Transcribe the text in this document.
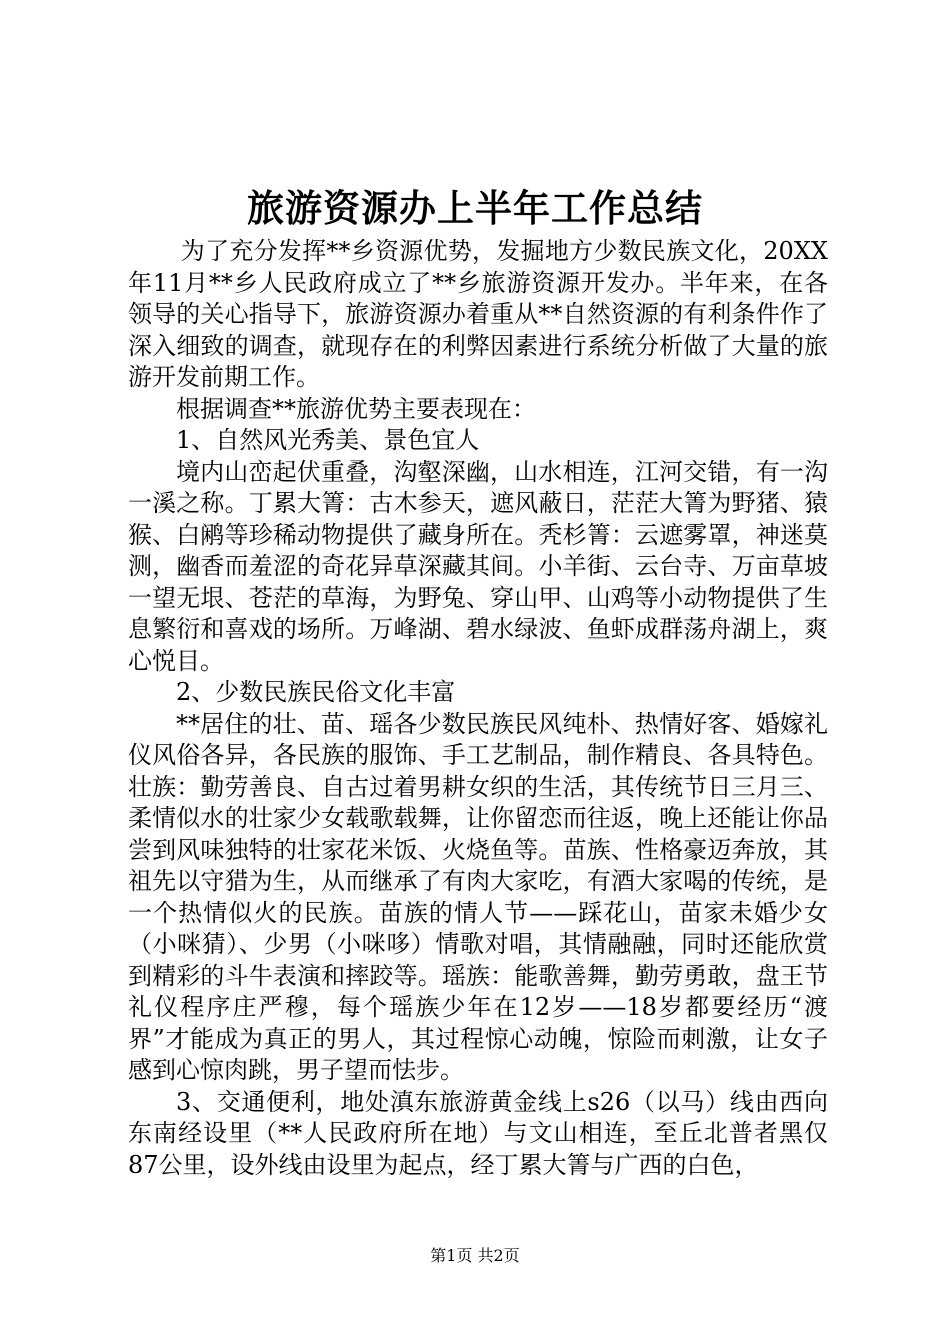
旅游资源办上半年工作总结

为了充分发挥**乡资源优势，发掘地方少数民族文化，20XX年11月**乡人民政府成立了**乡旅游资源开发办。半年来，在各领导的关心指导下，旅游资源办着重从**自然资源的有利条件作了深入细致的调查，就现存在的利弊因素进行系统分析做了大量的旅游开发前期工作。

根据调查**旅游优势主要表现在：

1、自然风光秀美、景色宜人

境内山峦起伏重叠，沟壑深幽，山水相连，江河交错，有一沟一溪之称。丁累大箐：古木参天，遮风蔽日，茫茫大箐为野猪、猿猴、白鹇等珍稀动物提供了藏身所在。秃杉箐：云遮雾罩，神迷莫测，幽香而羞涩的奇花异草深藏其间。小羊街、云台寺、万亩草坡一望无垠、苍茫的草海，为野兔、穿山甲、山鸡等小动物提供了生息繁衍和喜戏的场所。万峰湖、碧水绿波、鱼虾成群荡舟湖上，爽心悦目。

2、少数民族民俗文化丰富

**居住的壮、苗、瑶各少数民族民风纯朴、热情好客、婚嫁礼仪风俗各异，各民族的服饰、手工艺制品，制作精良、各具特色。壮族：勤劳善良、自古过着男耕女织的生活，其传统节日三月三、柔情似水的壮家少女载歌载舞，让你留恋而往返，晚上还能让你品尝到风味独特的壮家花米饭、火烧鱼等。苗族、性格豪迈奔放，其祖先以守猎为生，从而继承了有肉大家吃，有酒大家喝的传统，是一个热情似火的民族。苗族的情人节——踩花山，苗家未婚少女（小咪猜）、少男（小咪哆）情歌对唱，其情融融，同时还能欣赏到精彩的斗牛表演和摔跤等。瑶族：能歌善舞，勤劳勇敢，盘王节礼仪程序庄严穆，每个瑶族少年在12岁——18岁都要经历“渡界”才能成为真正的男人，其过程惊心动魄，惊险而刺激，让女子感到心惊肉跳，男子望而怯步。

3、交通便利，地处滇东旅游黄金线上s26（以马）线由西向东南经设里（**人民政府所在地）与文山相连，至丘北普者黑仅87公里，设外线由设里为起点，经丁累大箐与广西的白色，

第1页 共2页
